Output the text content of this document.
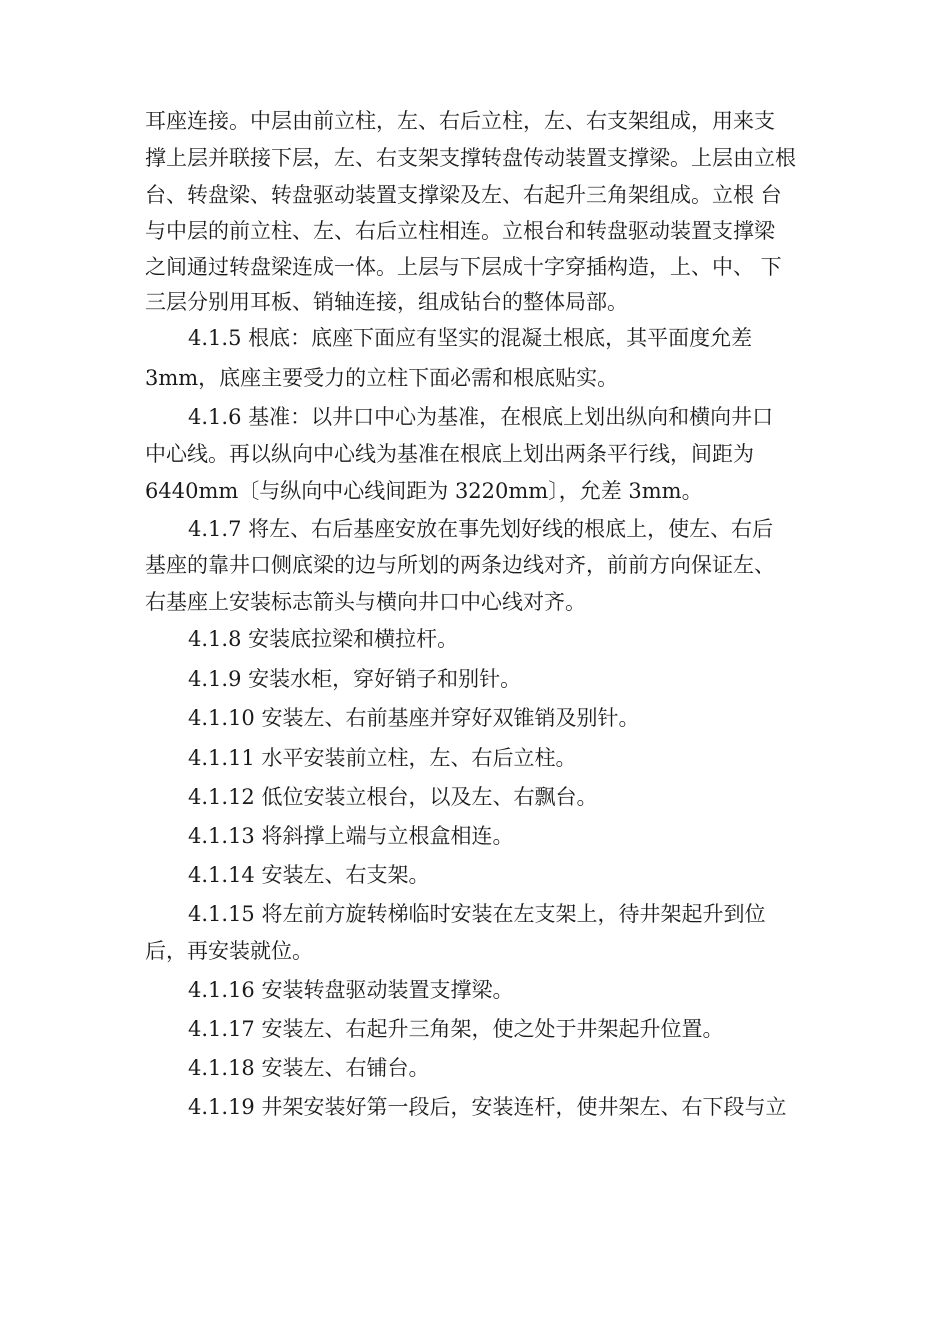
耳座连接。中层由前立柱，左、右后立柱，左、右支架组成，用来支
撑上层并联接下层，左、右支架支撑转盘传动装置支撑梁。上层由立根
台、转盘梁、转盘驱动装置支撑梁及左、右起升三角架组成。立根 台
与中层的前立柱、左、右后立柱相连。立根台和转盘驱动装置支撑梁
之间通过转盘梁连成一体。上层与下层成十字穿插构造，上、中、 下
三层分别用耳板、销轴连接，组成钻台的整体局部。
4.1.5 根底：底座下面应有坚实的混凝土根底，其平面度允差
3mm，底座主要受力的立柱下面必需和根底贴实。
4.1.6 基准：以井口中心为基准，在根底上划出纵向和横向井口
中心线。再以纵向中心线为基准在根底上划出两条平行线，间距为
6440mm〔与纵向中心线间距为 3220mm〕，允差 3mm。
4.1.7 将左、右后基座安放在事先划好线的根底上，使左、右后
基座的靠井口侧底梁的边与所划的两条边线对齐，前前方向保证左、
右基座上安装标志箭头与横向井口中心线对齐。
4.1.8 安装底拉梁和横拉杆。
4.1.9 安装水柜，穿好销子和别针。
4.1.10 安装左、右前基座并穿好双锥销及别针。
4.1.11 水平安装前立柱，左、右后立柱。
4.1.12 低位安装立根台，以及左、右飘台。
4.1.13 将斜撑上端与立根盒相连。
4.1.14 安装左、右支架。
4.1.15 将左前方旋转梯临时安装在左支架上，待井架起升到位
后，再安装就位。
4.1.16 安装转盘驱动装置支撑梁。
4.1.17 安装左、右起升三角架，使之处于井架起升位置。
4.1.18 安装左、右铺台。
4.1.19 井架安装好第一段后，安装连杆，使井架左、右下段与立
